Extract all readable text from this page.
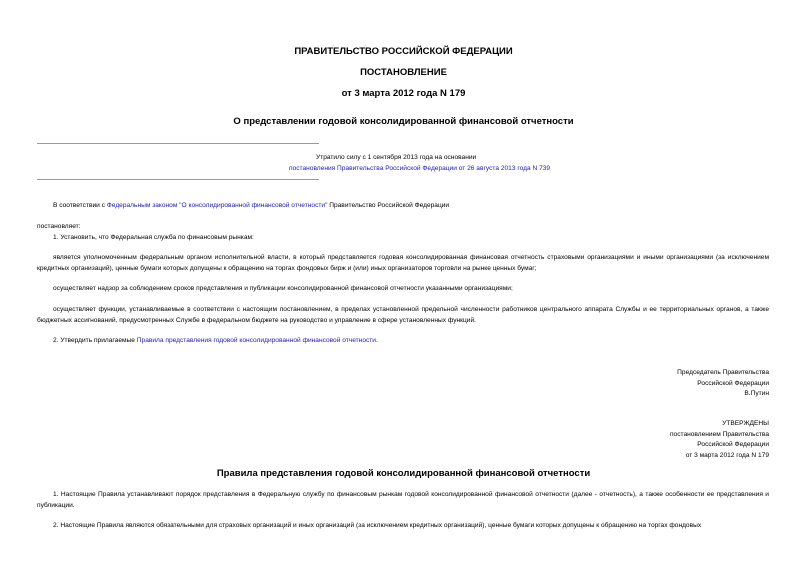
ПРАВИТЕЛЬСТВО РОССИЙСКОЙ ФЕДЕРАЦИИ
ПОСТАНОВЛЕНИЕ
от 3 марта 2012 года N 179
О представлении годовой консолидированной финансовой отчетности
Утратило силу с 1 сентября 2013 года на основании
постановления Правительства Российской Федерации от 26 августа 2013 года N 739
В соответствии с Федеральным законом "О консолидированной финансовой отчетности" Правительство Российской Федерации
постановляет:
1. Установить, что Федеральная служба по финансовым рынкам:
является уполномоченным федеральным органом исполнительной власти, в который представляется годовая консолидированная финансовая отчетность страховыми организациями и иными организациями (за исключением кредитных организаций), ценные бумаги которых допущены к обращению на торгах фондовых бирж и (или) иных организаторов торговли на рынке ценных бумаг;
осуществляет надзор за соблюдением сроков представления и публикации консолидированной финансовой отчетности указанными организациями;
осуществляет функции, устанавливаемые в соответствии с настоящим постановлением, в пределах установленной предельной численности работников центрального аппарата Службы и ее территориальных органов, а также бюджетных ассигнований, предусмотренных Службе в федеральном бюджете на руководство и управление в сфере установленных функций.
2. Утвердить прилагаемые Правила представления годовой консолидированной финансовой отчетности.
Председатель Правительства
Российской Федерации
В.Путин
УТВЕРЖДЕНЫ
постановлением Правительства
Российской Федерации
от 3 марта 2012 года N 179
Правила представления годовой консолидированной финансовой отчетности
1. Настоящие Правила устанавливают порядок представления в Федеральную службу по финансовым рынкам годовой консолидированной финансовой отчетности (далее - отчетность), а также особенности ее представления и публикации.
2. Настоящие Правила являются обязательными для страховых организаций и иных организаций (за исключением кредитных организаций), ценные бумаги которых допущены к обращению на торгах фондовых
